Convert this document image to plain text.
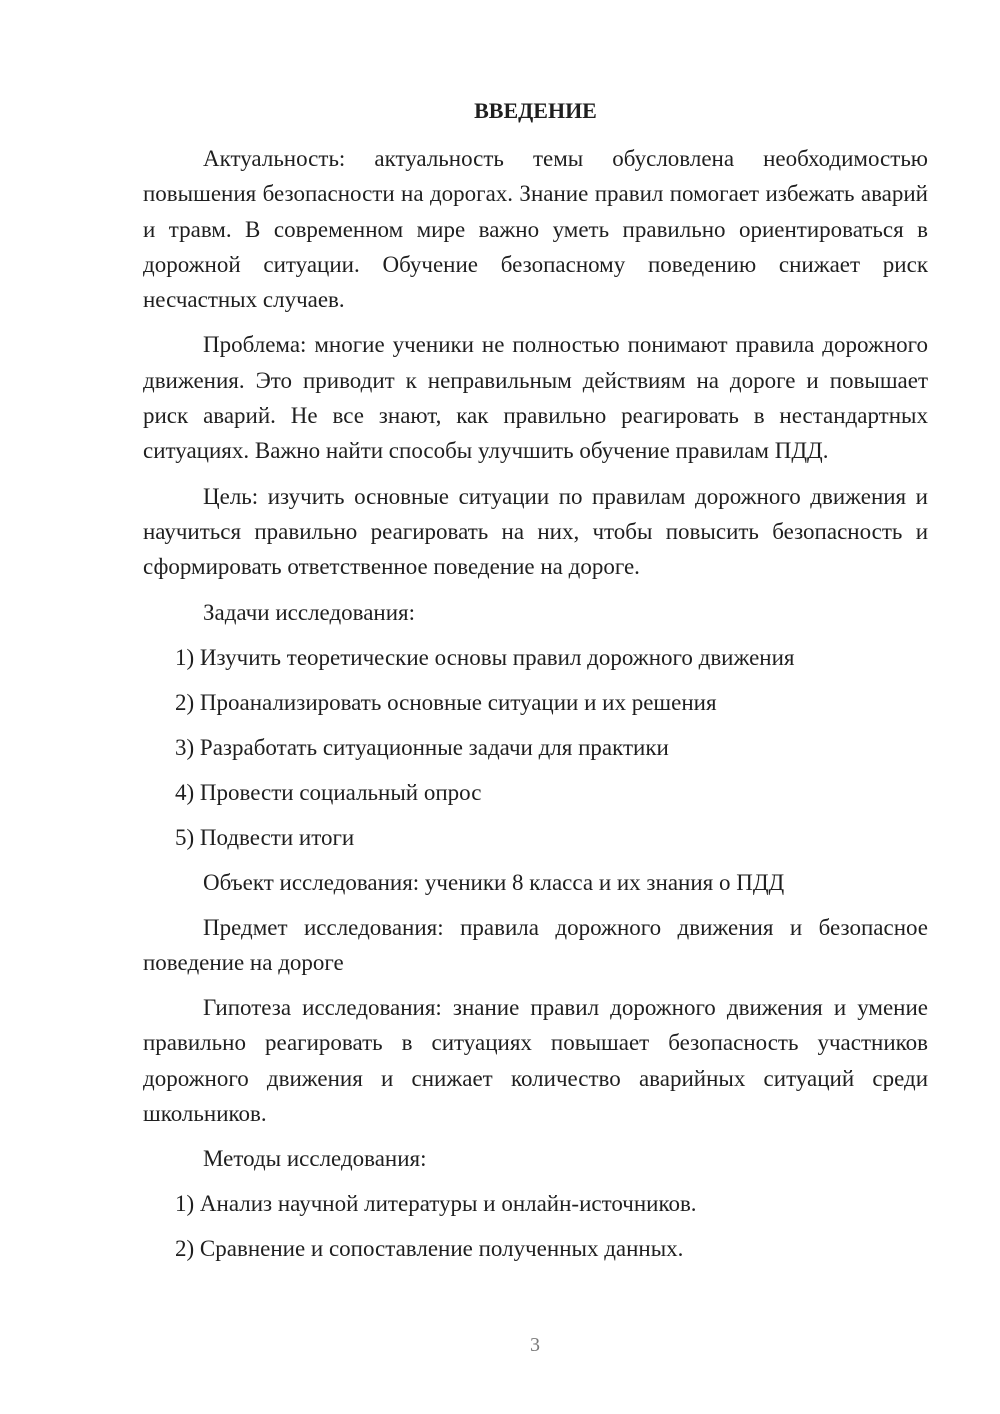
ВВЕДЕНИЕ

Актуальность: актуальность темы обусловлена необходимостью повышения безопасности на дорогах. Знание правил помогает избежать аварий и травм. В современном мире важно уметь правильно ориентироваться в дорожной ситуации. Обучение безопасному поведению снижает риск несчастных случаев.

Проблема: многие ученики не полностью понимают правила дорожного движения. Это приводит к неправильным действиям на дороге и повышает риск аварий. Не все знают, как правильно реагировать в нестандартных ситуациях. Важно найти способы улучшить обучение правилам ПДД.

Цель: изучить основные ситуации по правилам дорожного движения и научиться правильно реагировать на них, чтобы повысить безопасность и сформировать ответственное поведение на дороге.

Задачи исследования:
1) Изучить теоретические основы правил дорожного движения
2) Проанализировать основные ситуации и их решения
3) Разработать ситуационные задачи для практики
4) Провести социальный опрос
5) Подвести итоги
Объект исследования: ученики 8 класса и их знания о ПДД

Предмет исследования: правила дорожного движения и безопасное поведение на дороге

Гипотеза исследования: знание правил дорожного движения и умение правильно реагировать в ситуациях повышает безопасность участников дорожного движения и снижает количество аварийных ситуаций среди школьников.

Методы исследования:
1) Анализ научной литературы и онлайн-источников.
2) Сравнение и сопоставление полученных данных.
3
